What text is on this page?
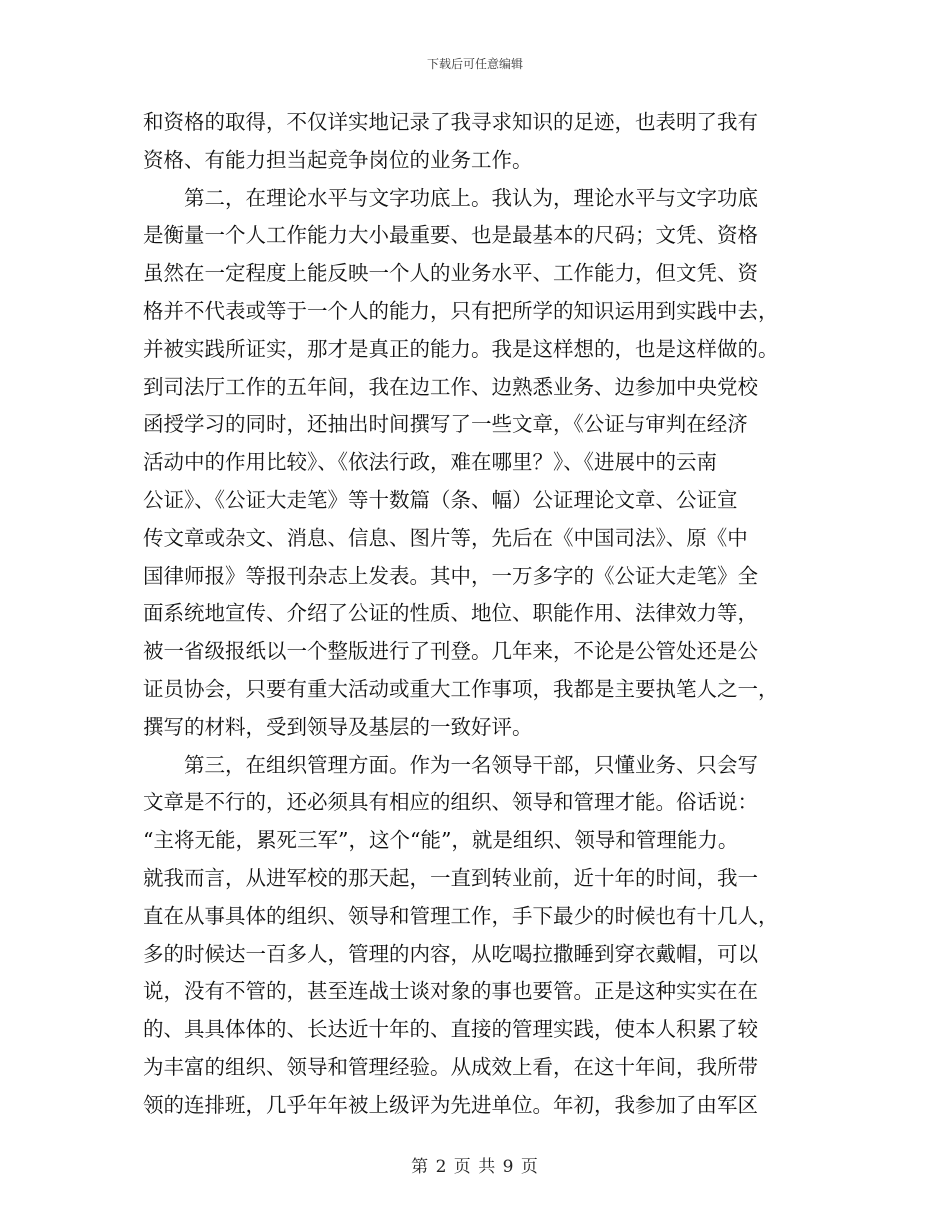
下载后可任意编辑
和资格的取得，不仅详实地记录了我寻求知识的足迹，也表明了我有
资格、有能力担当起竞争岗位的业务工作。
第二，在理论水平与文字功底上。我认为，理论水平与文字功底
是衡量一个人工作能力大小最重要、也是最基本的尺码；文凭、资格
虽然在一定程度上能反映一个人的业务水平、工作能力，但文凭、资
格并不代表或等于一个人的能力，只有把所学的知识运用到实践中去，
并被实践所证实，那才是真正的能力。我是这样想的，也是这样做的。
到司法厅工作的五年间，我在边工作、边熟悉业务、边参加中央党校
函授学习的同时，还抽出时间撰写了一些文章，《公证与审判在经济
活动中的作用比较》、《依法行政，难在哪里？》、《进展中的云南
公证》、《公证大走笔》等十数篇（条、幅）公证理论文章、公证宣
传文章或杂文、消息、信息、图片等，先后在《中国司法》、原《中
国律师报》等报刊杂志上发表。其中，一万多字的《公证大走笔》全
面系统地宣传、介绍了公证的性质、地位、职能作用、法律效力等，
被一省级报纸以一个整版进行了刊登。几年来，不论是公管处还是公
证员协会，只要有重大活动或重大工作事项，我都是主要执笔人之一，
撰写的材料，受到领导及基层的一致好评。
第三，在组织管理方面。作为一名领导干部，只懂业务、只会写
文章是不行的，还必须具有相应的组织、领导和管理才能。俗话说：
“主将无能，累死三军”，这个“能”，就是组织、领导和管理能力。
就我而言，从进军校的那天起，一直到转业前，近十年的时间，我一
直在从事具体的组织、领导和管理工作，手下最少的时候也有十几人，
多的时候达一百多人，管理的内容，从吃喝拉撒睡到穿衣戴帽，可以
说，没有不管的，甚至连战士谈对象的事也要管。正是这种实实在在
的、具具体体的、长达近十年的、直接的管理实践，使本人积累了较
为丰富的组织、领导和管理经验。从成效上看，在这十年间，我所带
领的连排班，几乎年年被上级评为先进单位。年初，我参加了由军区
第 2 页 共 9 页
